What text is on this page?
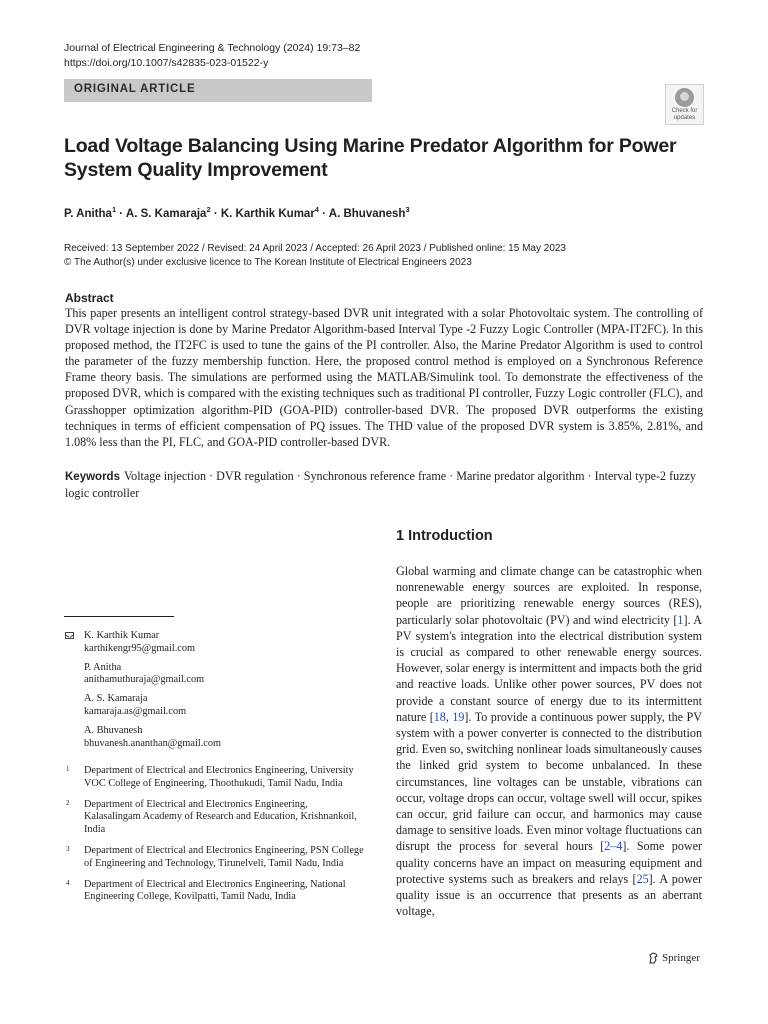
Journal of Electrical Engineering & Technology (2024) 19:73–82
https://doi.org/10.1007/s42835-023-01522-y
ORIGINAL ARTICLE
Check for
updates
Load Voltage Balancing Using Marine Predator Algorithm for Power System Quality Improvement
P. Anitha$^1$ · A. S. Kamaraja$^2$ · K. Karthik Kumar$^4$ · A. Bhuvanesh$^3$
Received: 13 September 2022 / Revised: 24 April 2023 / Accepted: 26 April 2023 / Published online: 15 May 2023
© The Author(s) under exclusive licence to The Korean Institute of Electrical Engineers 2023
Abstract
This paper presents an intelligent control strategy-based DVR unit integrated with a solar Photovoltaic system. The controlling of DVR voltage injection is done by Marine Predator Algorithm-based Interval Type -2 Fuzzy Logic Controller (MPA-IT2FC). In this proposed method, the IT2FC is used to tune the gains of the PI controller. Also, the Marine Predator Algorithm is used to control the parameter of the fuzzy membership function. Here, the proposed control method is employed on a Synchronous Reference Frame theory basis. The simulations are performed using the MATLAB/Simulink tool. To demonstrate the effectiveness of the proposed DVR, which is compared with the existing techniques such as traditional PI controller, Fuzzy Logic controller (FLC), and Grasshopper optimization algorithm-PID (GOA-PID) controller-based DVR. The proposed DVR outperforms the existing techniques in terms of efficient compensation of PQ issues. The THD value of the proposed DVR system is 3.85%, 2.81%, and 1.08% less than the PI, FLC, and GOA-PID controller-based DVR.
Keywords Voltage injection · DVR regulation · Synchronous reference frame · Marine predator algorithm · Interval type-2 fuzzy logic controller
1 Introduction
Global warming and climate change can be catastrophic when nonrenewable energy sources are exploited. In response, people are prioritizing renewable energy sources (RES), particularly solar photovoltaic (PV) and wind electricity [1]. A PV system's integration into the electrical distribution system is crucial as compared to other renewable energy sources. However, solar energy is intermittent and impacts both the grid and reactive loads. Unlike other power sources, PV does not provide a constant source of energy due to its intermittent nature [18, 19]. To provide a continuous power supply, the PV system with a power converter is connected to the distribution grid. Even so, switching nonlinear loads simultaneously causes the linked grid system to become unbalanced. In these circumstances, line voltages can be unstable, vibrations can occur, voltage drops can occur, voltage swell will occur, spikes can occur, grid failure can occur, and harmonics may cause damage to sensitive loads. Even minor voltage fluctuations can disrupt the process for several hours [2–4]. Some power quality concerns have an impact on measuring equipment and protective systems such as breakers and relays [25]. A power quality issue is an occurrence that presents as an aberrant voltage,
K. Karthik Kumar
karthikengr95@gmail.com
P. Anitha
anithamuthuraja@gmail.com
A. S. Kamaraja
kamaraja.as@gmail.com
A. Bhuvanesh
bhuvanesh.ananthan@gmail.com
1 Department of Electrical and Electronics Engineering, University VOC College of Engineering, Thoothukudi, Tamil Nadu, India
2 Department of Electrical and Electronics Engineering, Kalasalingam Academy of Research and Education, Krishnankoil, India
3 Department of Electrical and Electronics Engineering, PSN College of Engineering and Technology, Tirunelveli, Tamil Nadu, India
4 Department of Electrical and Electronics Engineering, National Engineering College, Kovilpatti, Tamil Nadu, India
Springer
